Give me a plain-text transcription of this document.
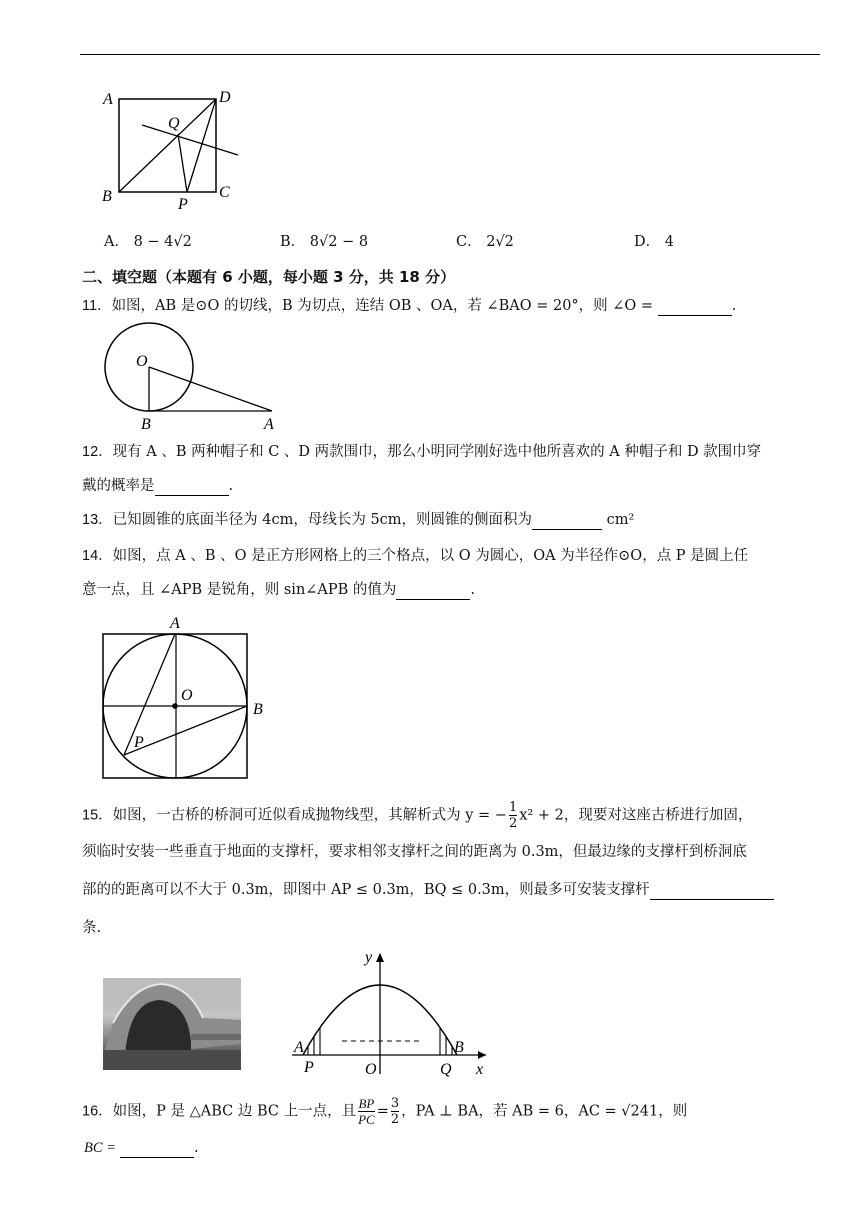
A	D
Q
B	C
P
A． 8 − 4√2	B． 8√2 − 8	C． 2√2	D． 4
二、填空题（本题有 6 小题，每小题 3 分，共 18 分）
11．如图，AB 是⊙O 的切线，B 为切点，连结 OB 、OA，若 ∠BAO = 20°，则 ∠O =	.
O
B	A
12．现有 A 、B 两种帽子和 C 、D 两款围巾，那么小明同学刚好选中他所喜欢的 A 种帽子和 D 款围巾穿
戴的概率是	.
13．已知圆锥的底面半径为 4cm，母线长为 5cm，则圆锥的侧面积为	cm²
14．如图，点 A 、B 、O 是正方形网格上的三个格点，以 O 为圆心，OA 为半径作⊙O，点 P 是圆上任
意一点，且 ∠APB 是锐角，则 sin∠APB 的值为	.
A
O
B
P
15．如图，一古桥的桥洞可近似看成抛物线型，其解析式为 y = − $\frac{1}{2} x^2 + 2$，现要对这座古桥进行加固，
须临时安装一些垂直于地面的支撑杆，要求相邻支撑杆之间的距离为 0.3m，但最边缘的支撑杆到桥洞底
部的的距离可以不大于 0.3m，即图中 AP ≤ 0.3m，BQ ≤ 0.3m，则最多可安装支撑杆
条.
y
A	B
P	O	Q x
16．如图，P 是 △ABC 边 BC 上一点，且 $\frac{BP}{PC} = \frac{3}{2}$ ，PA ⊥ BA，若 AB = 6，AC = √241，则
BC =	.
